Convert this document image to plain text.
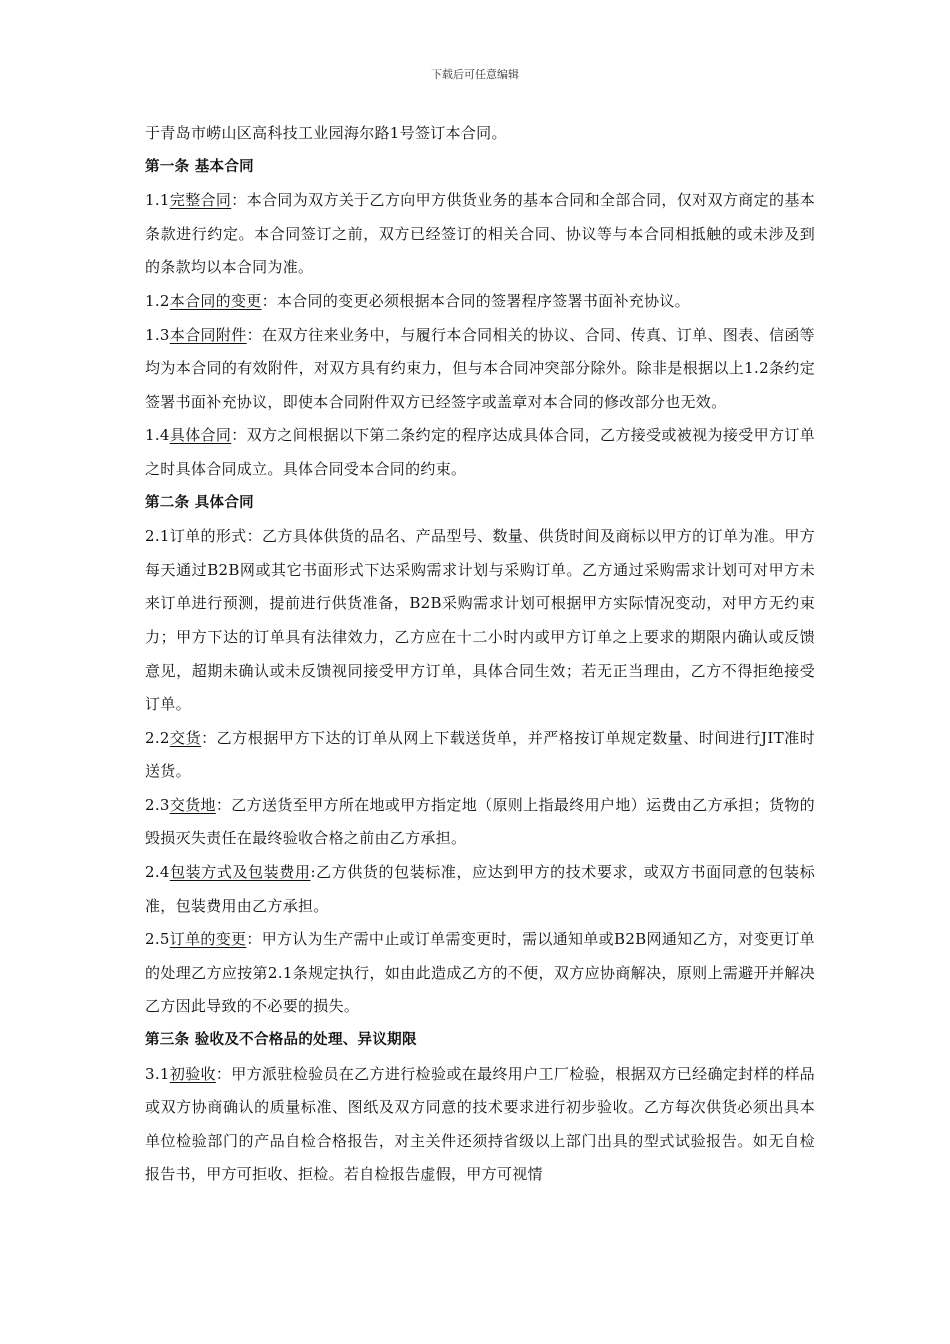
下载后可任意编辑

于青岛市崂山区高科技工业园海尔路1号签订本合同。

第一条 基本合同

1.1完整合同：本合同为双方关于乙方向甲方供货业务的基本合同和全部合同，仅对双方商定的基本条款进行约定。本合同签订之前，双方已经签订的相关合同、协议等与本合同相抵触的或未涉及到的条款均以本合同为准。

1.2本合同的变更：本合同的变更必须根据本合同的签署程序签署书面补充协议。

1.3本合同附件：在双方往来业务中，与履行本合同相关的协议、合同、传真、订单、图表、信函等均为本合同的有效附件，对双方具有约束力，但与本合同冲突部分除外。除非是根据以上1.2条约定签署书面补充协议，即使本合同附件双方已经签字或盖章对本合同的修改部分也无效。

1.4具体合同：双方之间根据以下第二条约定的程序达成具体合同，乙方接受或被视为接受甲方订单之时具体合同成立。具体合同受本合同的约束。

第二条 具体合同

2.1订单的形式：乙方具体供货的品名、产品型号、数量、供货时间及商标以甲方的订单为准。甲方每天通过B2B网或其它书面形式下达采购需求计划与采购订单。乙方通过采购需求计划可对甲方未来订单进行预测，提前进行供货准备，B2B采购需求计划可根据甲方实际情况变动，对甲方无约束力；甲方下达的订单具有法律效力，乙方应在十二小时内或甲方订单之上要求的期限内确认或反馈意见，超期未确认或未反馈视同接受甲方订单，具体合同生效；若无正当理由，乙方不得拒绝接受订单。

2.2交货：乙方根据甲方下达的订单从网上下载送货单，并严格按订单规定数量、时间进行JIT准时送货。

2.3交货地：乙方送货至甲方所在地或甲方指定地（原则上指最终用户地）运费由乙方承担；货物的毁损灭失责任在最终验收合格之前由乙方承担。

2.4包装方式及包装费用:乙方供货的包装标准，应达到甲方的技术要求，或双方书面同意的包装标准，包装费用由乙方承担。

2.5订单的变更：甲方认为生产需中止或订单需变更时，需以通知单或B2B网通知乙方，对变更订单的处理乙方应按第2.1条规定执行，如由此造成乙方的不便，双方应协商解决，原则上需避开并解决乙方因此导致的不必要的损失。

第三条 验收及不合格品的处理、异议期限

3.1初验收：甲方派驻检验员在乙方进行检验或在最终用户工厂检验，根据双方已经确定封样的样品或双方协商确认的质量标准、图纸及双方同意的技术要求进行初步验收。乙方每次供货必须出具本单位检验部门的产品自检合格报告，对主关件还须持省级以上部门出具的型式试验报告。如无自检报告书，甲方可拒收、拒检。若自检报告虚假，甲方可视情
